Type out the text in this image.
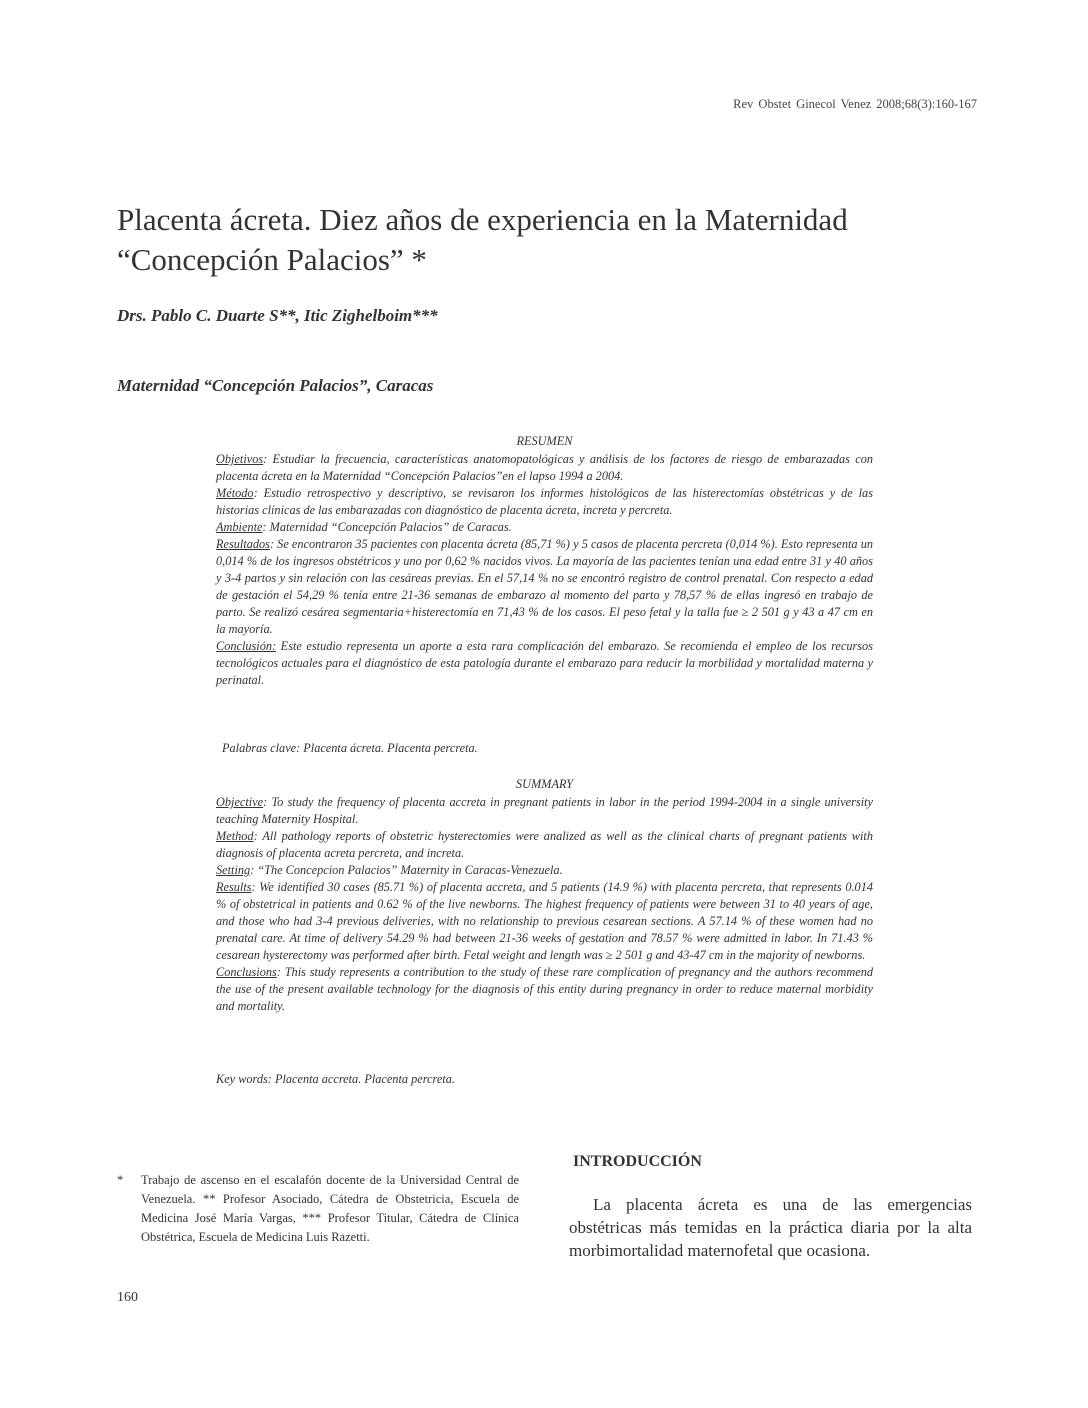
Rev Obstet Ginecol Venez 2008;68(3):160-167
Placenta ácreta. Diez años de experiencia en la Maternidad “Concepción Palacios” *
Drs. Pablo C. Duarte S**, Itic Zighelboim***
Maternidad “Concepción Palacios”, Caracas

RESUMEN

Objetivos: Estudiar la frecuencia, características anatomopatológicas y análisis de los factores de riesgo de embarazadas con placenta ácreta en la Maternidad “Concepción Palacios”en el lapso 1994 a 2004.

Método: Estudio retrospectivo y descriptivo, se revisaron los informes histológicos de las histerectomías obstétricas y de las historias clínicas de las embarazadas con diagnóstico de placenta ácreta, increta y percreta.

Ambiente: Maternidad “Concepción Palacios” de Caracas.

Resultados: Se encontraron 35 pacientes con placenta ácreta (85,71 %) y 5 casos de placenta percreta (0,014 %). Esto representa un 0,014 % de los ingresos obstétricos y uno por 0,62 % nacidos vivos. La mayoría de las pacientes tenían una edad entre 31 y 40 años y 3-4 partos y sin relación con las cesáreas previas. En el 57,14 % no se encontró registro de control prenatal. Con respecto a edad de gestación el 54,29 % tenía entre 21-36 semanas de embarazo al momento del parto y 78,57 % de ellas ingresó en trabajo de parto. Se realizó cesárea segmentaria+histerectomía en 71,43 % de los casos. El peso fetal y la talla fue ≥ 2 501 g y 43 a 47 cm en la mayoría.

Conclusión: Este estudio representa un aporte a esta rara complicación del embarazo. Se recomienda el empleo de los recursos tecnológicos actuales para el diagnóstico de esta patología durante el embarazo para reducir la morbilidad y mortalidad materna y perinatal.

Palabras clave: Placenta ácreta. Placenta percreta.

SUMMARY

Objective: To study the frequency of placenta accreta in pregnant patients in labor in the period 1994-2004 in a single university teaching Maternity Hospital.

Method: All pathology reports of obstetric hysterectomies were analized as well as the clinical charts of pregnant patients with diagnosis of placenta acreta percreta, and increta.

Setting: “The Concepcion Palacios” Maternity in Caracas-Venezuela.

Results: We identified 30 cases (85.71 %) of placenta accreta, and 5 patients (14.9 %) with placenta percreta, that represents 0.014 % of obstetrical in patients and 0.62 % of the live newborns. The highest frequency of patients were between 31 to 40 years of age, and those who had 3-4 previous deliveries, with no relationship to previous cesarean sections. A 57.14 % of these women had no prenatal care. At time of delivery 54.29 % had between 21-36 weeks of gestation and 78.57 % were admitted in labor. In 71.43 % cesarean hysterectomy was performed after birth. Fetal weight and length was ≥ 2 501 g and 43-47 cm in the majority of newborns.

Conclusions: This study represents a contribution to the study of these rare complication of pregnancy and the authors recommend the use of the present available technology for the diagnosis of this entity during pregnancy in order to reduce maternal morbidity and mortality.

Key words: Placenta accreta. Placenta percreta.
* Trabajo de ascenso en el escalafón docente de la Universidad Central de Venezuela. ** Profesor Asociado, Cátedra de Obstetricia, Escuela de Medicina José María Vargas, *** Profesor Titular, Cátedra de Clínica Obstétrica, Escuela de Medicina Luis Razetti.
INTRODUCCIÓN

La placenta ácreta es una de las emergencias obstétricas más temidas en la práctica diaria por la alta morbimortalidad maternofetal que ocasiona.

160
